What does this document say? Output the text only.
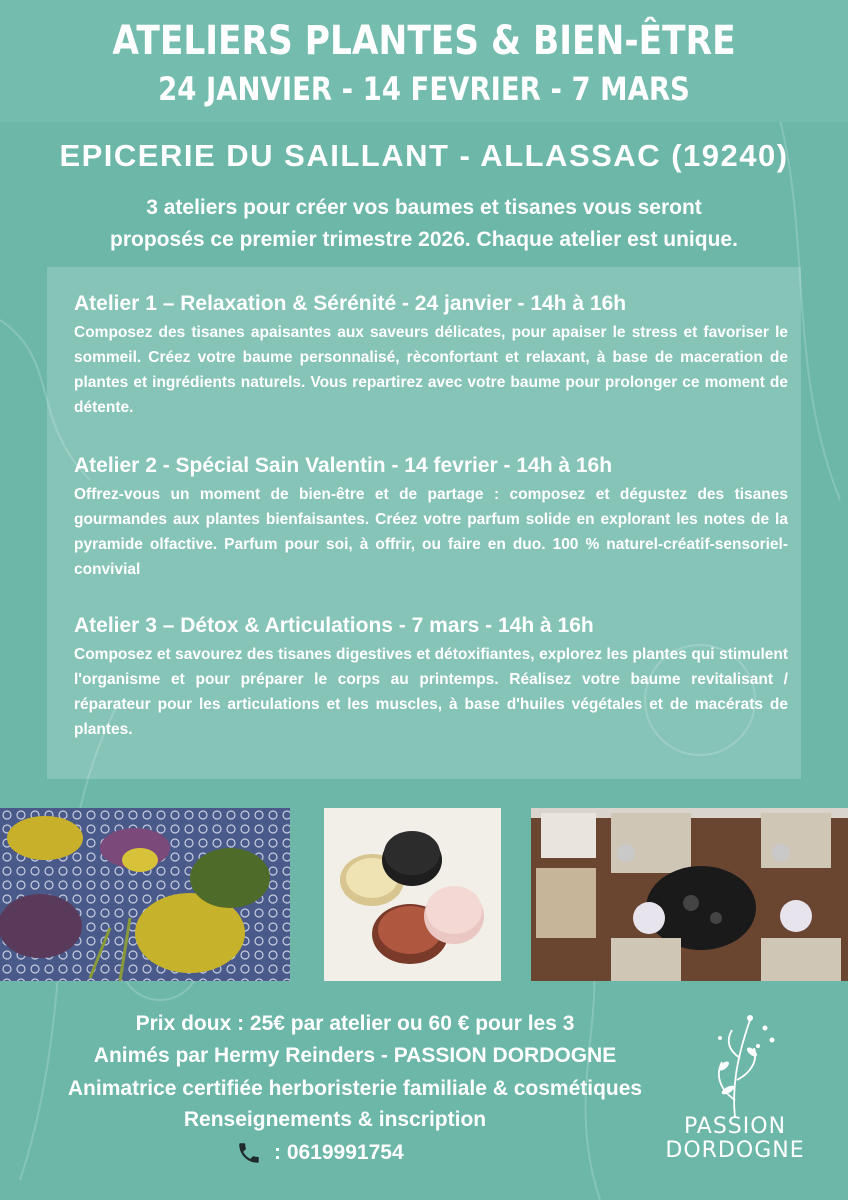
ATELIERS PLANTES & BIEN-ÊTRE
24 JANVIER - 14 FEVRIER - 7 MARS
EPICERIE DU SAILLANT - ALLASSAC (19240)
3 ateliers pour créer vos baumes et tisanes vous seront
proposés ce premier trimestre 2026. Chaque atelier est unique.
Atelier 1 – Relaxation & Sérénité - 24 janvier - 14h à 16h
Composez des tisanes apaisantes aux saveurs délicates, pour apaiser le stress et favoriser le sommeil. Créez votre baume personnalisé, rèconfortant et relaxant, à base de maceration de plantes et ingrédients naturels. Vous repartirez avec votre baume pour prolonger ce moment de détente.
Atelier 2 - Spécial Sain Valentin - 14 fevrier - 14h à 16h
Offrez-vous un moment de bien-être et de partage : composez et dégustez des tisanes gourmandes aux plantes bienfaisantes. Créez votre parfum solide en explorant les notes de la pyramide olfactive. Parfum pour soi, à offrir, ou faire en duo. 100 % naturel-créatif-sensoriel-convivial
Atelier 3 – Détox & Articulations - 7 mars - 14h à 16h
Composez et savourez des tisanes digestives et détoxifiantes, explorez les plantes qui stimulent l'organisme et pour préparer le corps au printemps. Réalisez votre baume revitalisant / réparateur pour les articulations et les muscles, à base d'huiles végétales et de macérats de plantes.
Prix doux : 25€ par atelier ou 60 € pour les 3
Animés par Hermy Reinders - PASSION DORDOGNE
Animatrice certifiée herboristerie familiale & cosmétiques
Renseignements & inscription
: 0619991754
PASSION
DORDOGNE
